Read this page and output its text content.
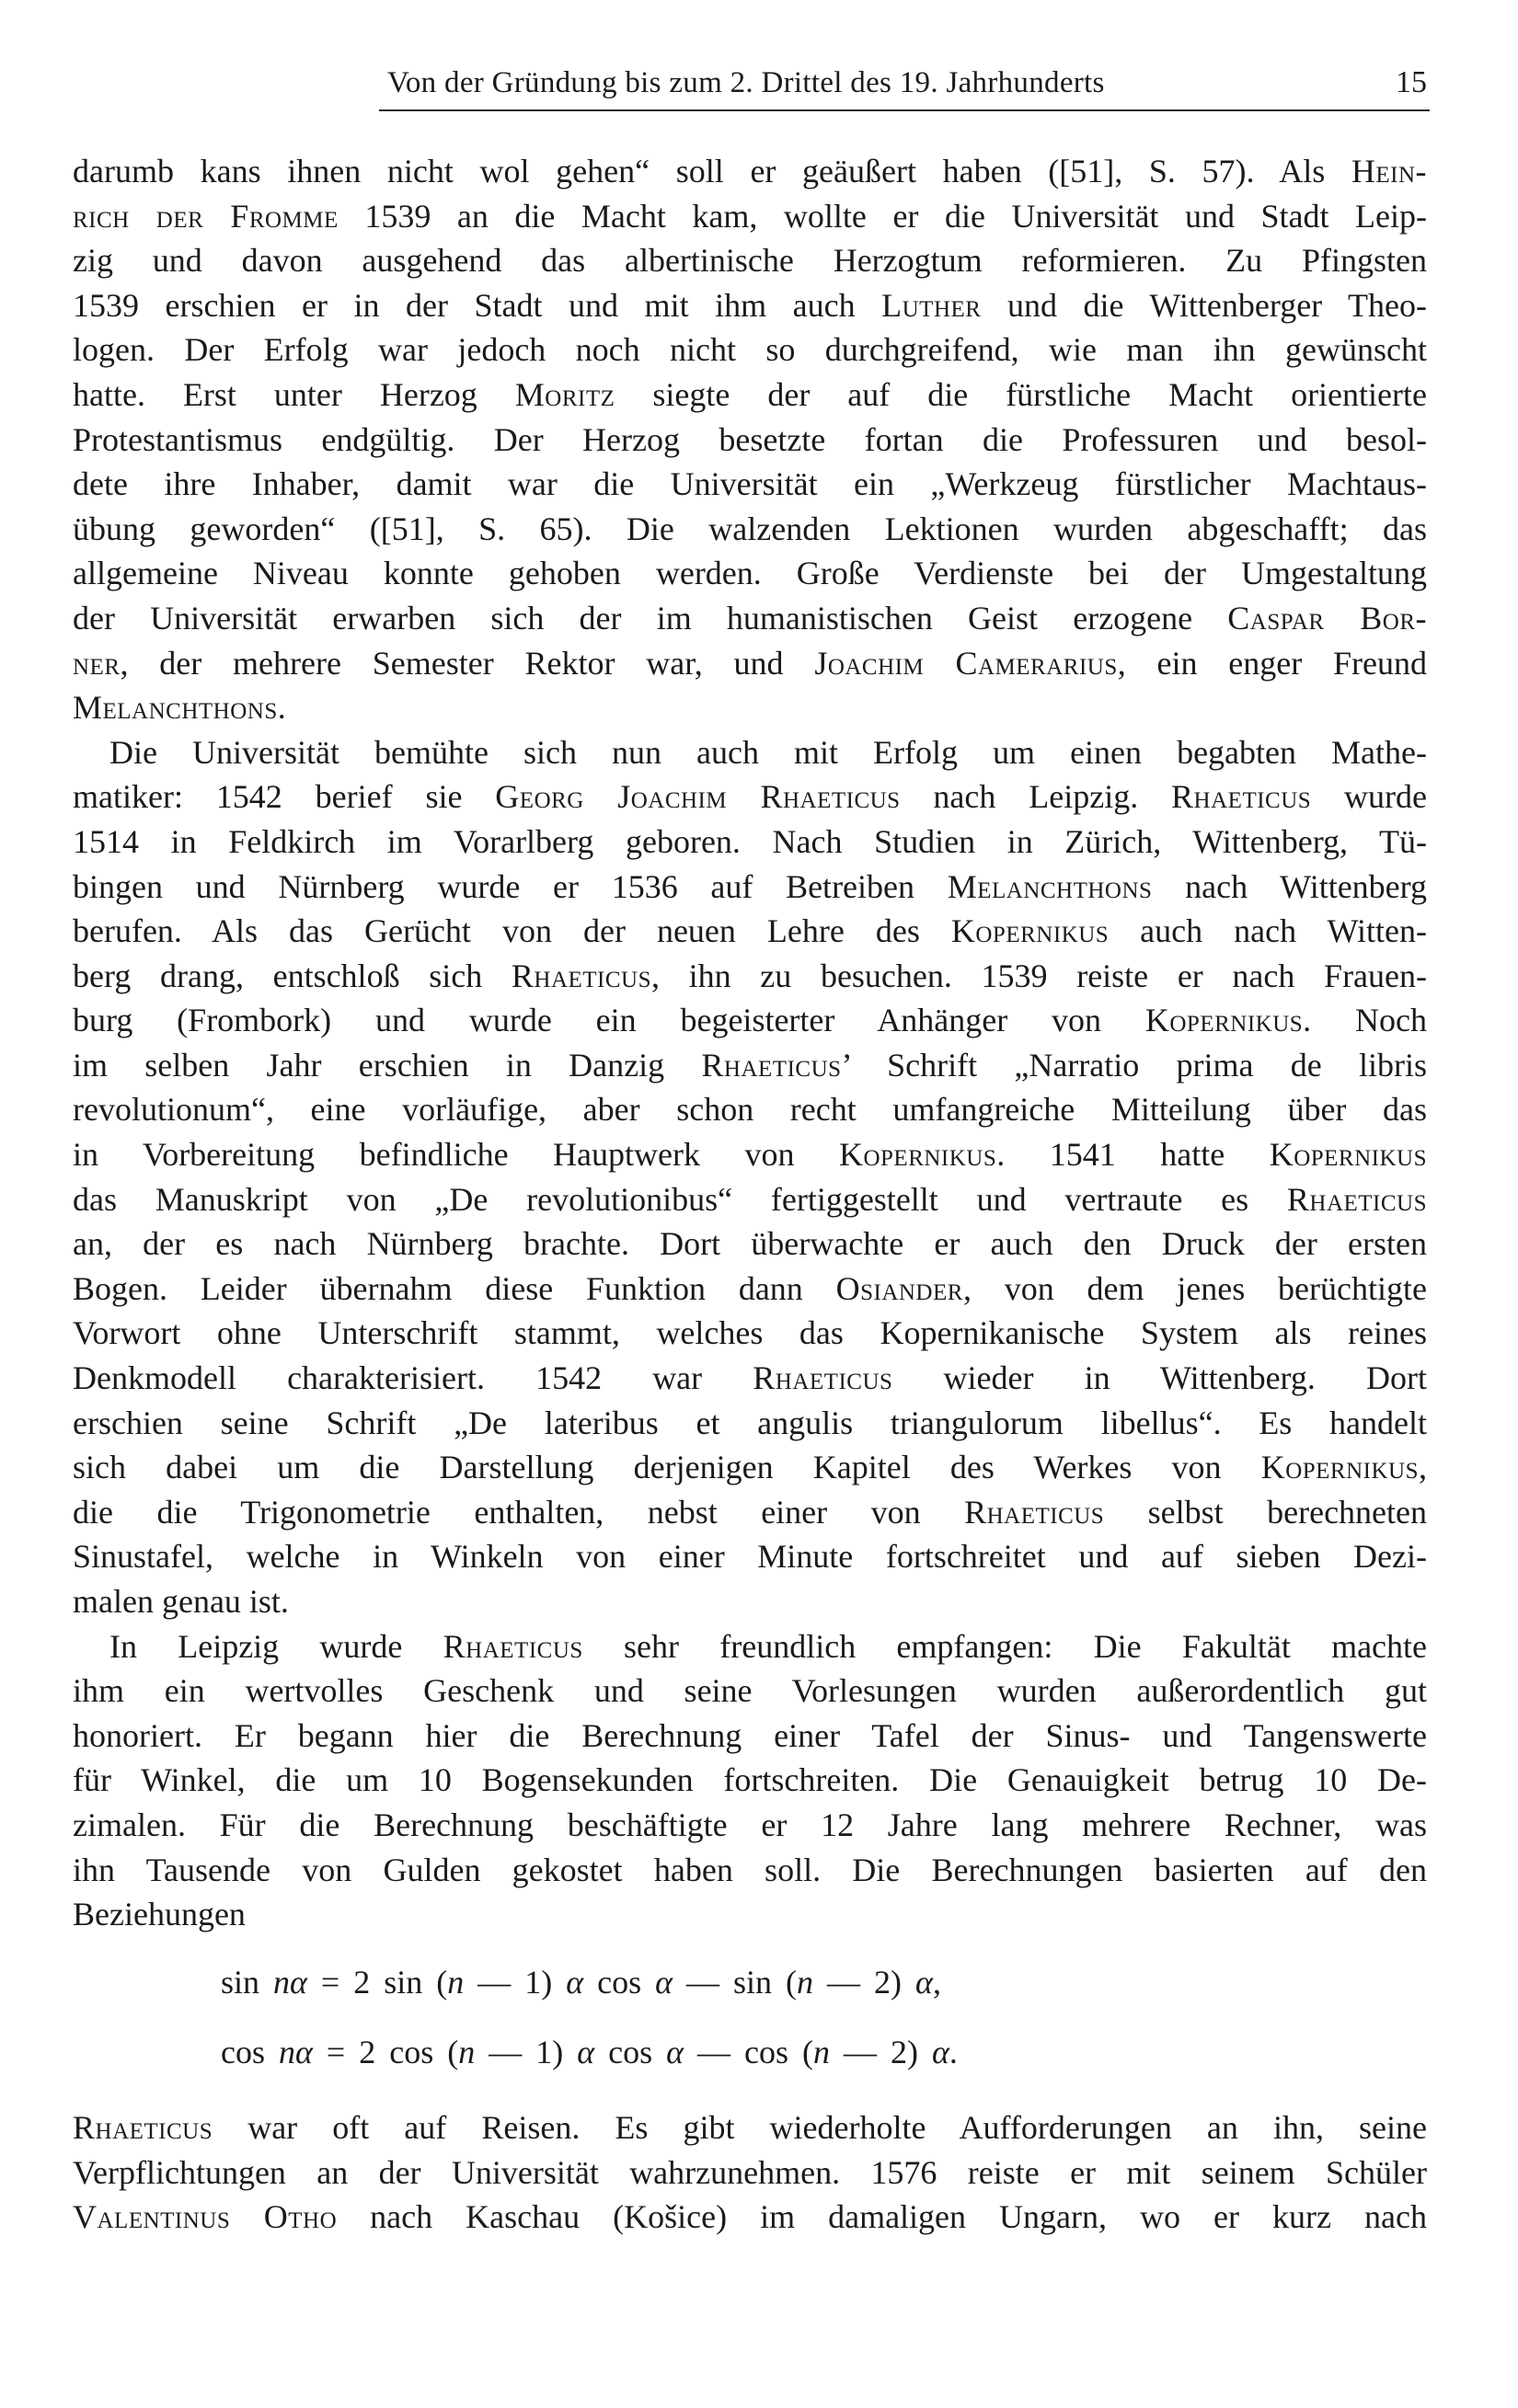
Von der Gründung bis zum 2. Drittel des 19. Jahrhunderts	15
darumb kans ihnen nicht wol gehen“ soll er geäußert haben ([51], S. 57). Als Hein-
rich der Fromme 1539 an die Macht kam, wollte er die Universität und Stadt Leip-
zig und davon ausgehend das albertinische Herzogtum reformieren. Zu Pfingsten
1539 erschien er in der Stadt und mit ihm auch Luther und die Wittenberger Theo-
logen. Der Erfolg war jedoch noch nicht so durchgreifend, wie man ihn gewünscht
hatte. Erst unter Herzog Moritz siegte der auf die fürstliche Macht orientierte
Protestantismus endgültig. Der Herzog besetzte fortan die Professuren und besol-
dete ihre Inhaber, damit war die Universität ein „Werkzeug fürstlicher Machtaus-
übung geworden“ ([51], S. 65). Die walzenden Lektionen wurden abgeschafft; das
allgemeine Niveau konnte gehoben werden. Große Verdienste bei der Umgestaltung
der Universität erwarben sich der im humanistischen Geist erzogene Caspar Bor-
ner, der mehrere Semester Rektor war, und Joachim Camerarius, ein enger Freund
Melanchthons.
Die Universität bemühte sich nun auch mit Erfolg um einen begabten Mathe-
matiker: 1542 berief sie Georg Joachim Rhaeticus nach Leipzig. Rhaeticus wurde
1514 in Feldkirch im Vorarlberg geboren. Nach Studien in Zürich, Wittenberg, Tü-
bingen und Nürnberg wurde er 1536 auf Betreiben Melanchthons nach Wittenberg
berufen. Als das Gerücht von der neuen Lehre des Kopernikus auch nach Witten-
berg drang, entschloß sich Rhaeticus, ihn zu besuchen. 1539 reiste er nach Frauen-
burg (Frombork) und wurde ein begeisterter Anhänger von Kopernikus. Noch
im selben Jahr erschien in Danzig Rhaeticus’ Schrift „Narratio prima de libris
revolutionum“, eine vorläufige, aber schon recht umfangreiche Mitteilung über das
in Vorbereitung befindliche Hauptwerk von Kopernikus. 1541 hatte Kopernikus
das Manuskript von „De revolutionibus“ fertiggestellt und vertraute es Rhaeticus
an, der es nach Nürnberg brachte. Dort überwachte er auch den Druck der ersten
Bogen. Leider übernahm diese Funktion dann Osiander, von dem jenes berüchtigte
Vorwort ohne Unterschrift stammt, welches das Kopernikanische System als reines
Denkmodell charakterisiert. 1542 war Rhaeticus wieder in Wittenberg. Dort
erschien seine Schrift „De lateribus et angulis triangulorum libellus“. Es handelt
sich dabei um die Darstellung derjenigen Kapitel des Werkes von Kopernikus,
die die Trigonometrie enthalten, nebst einer von Rhaeticus selbst berechneten
Sinustafel, welche in Winkeln von einer Minute fortschreitet und auf sieben Dezi-
malen genau ist.
In Leipzig wurde Rhaeticus sehr freundlich empfangen: Die Fakultät machte
ihm ein wertvolles Geschenk und seine Vorlesungen wurden außerordentlich gut
honoriert. Er begann hier die Berechnung einer Tafel der Sinus- und Tangenswerte
für Winkel, die um 10 Bogensekunden fortschreiten. Die Genauigkeit betrug 10 De-
zimalen. Für die Berechnung beschäftigte er 12 Jahre lang mehrere Rechner, was
ihn Tausende von Gulden gekostet haben soll. Die Berechnungen basierten auf den
Beziehungen
sin nα = 2 sin (n — 1) α cos α — sin (n — 2) α,
cos nα = 2 cos (n — 1) α cos α — cos (n — 2) α.
Rhaeticus war oft auf Reisen. Es gibt wiederholte Aufforderungen an ihn, seine
Verpflichtungen an der Universität wahrzunehmen. 1576 reiste er mit seinem Schüler
Valentinus Otho nach Kaschau (Košice) im damaligen Ungarn, wo er kurz nach
